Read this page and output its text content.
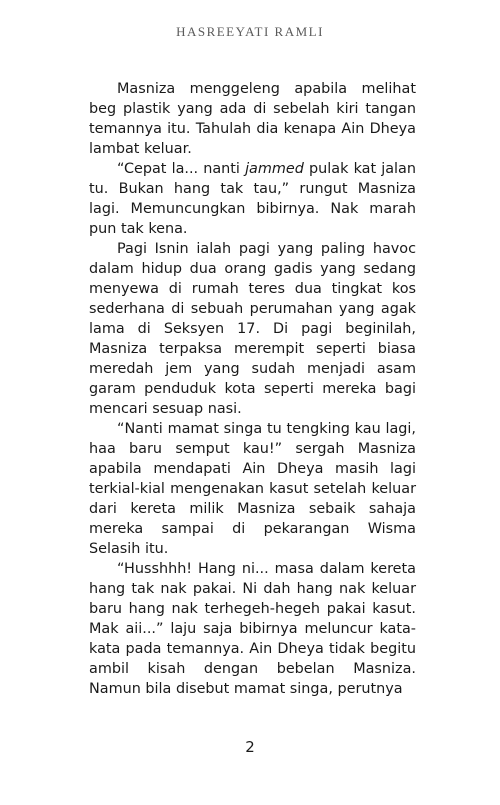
HASREEYATI RAMLI

Masniza menggeleng apabila melihat beg plastik yang ada di sebelah kiri tangan temannya itu. Tahulah dia kenapa Ain Dheya lambat keluar.

“Cepat la... nanti jammed pulak kat jalan tu. Bukan hang tak tau,” rungut Masniza lagi. Memuncungkan bibirnya. Nak marah pun tak kena.

Pagi Isnin ialah pagi yang paling havoc dalam hidup dua orang gadis yang sedang menyewa di rumah teres dua tingkat kos sederhana di sebuah perumahan yang agak lama di Seksyen 17. Di pagi beginilah, Masniza terpaksa merempit seperti biasa meredah jem yang sudah menjadi asam garam penduduk kota seperti mereka bagi mencari sesuap nasi.

“Nanti mamat singa tu tengking kau lagi, haa baru semput kau!” sergah Masniza apabila mendapati Ain Dheya masih lagi terkial-kial mengenakan kasut setelah keluar dari kereta milik Masniza sebaik sahaja mereka sampai di pekarangan Wisma Selasih itu.

“Husshhh! Hang ni... masa dalam kereta hang tak nak pakai. Ni dah hang nak keluar baru hang nak terhegeh-hegeh pakai kasut. Mak aii...” laju saja bibirnya meluncur kata-kata pada temannya. Ain Dheya tidak begitu ambil kisah dengan bebelan Masniza. Namun bila disebut mamat singa, perutnya

2
